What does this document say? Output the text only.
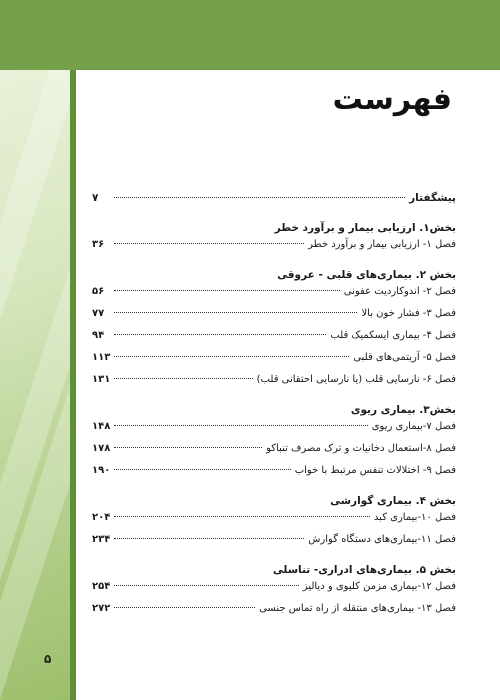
فهرست
پیشگفتار
۷
بخش۱. ارزیابی بیمار و برآورد خطر
فصل ۱- ارزیابی بیمار و برآورد خطر
۳۶
بخش ۲. بیماری‌های قلبی - عروقی
فصل ۲- اندوکاردیت عفونی
۵۶
فصل ۳- فشار خون بالا
۷۷
فصل ۴- بیماری ایسکمیک قلب
۹۴
فصل ۵- آریتمی‌های قلبی
۱۱۳
فصل ۶- نارسایی قلب (یا نارسایی احتقانی قلب)
۱۳۱
بخش۳. بیماری ریوی
فصل ۷-بیماری ریوی
۱۴۸
فصل ۸-استعمال دخانیات و ترک مصرف تنباکو
۱۷۸
فصل ۹- اختلالات تنفس مرتبط با خواب
۱۹۰
بخش ۴. بیماری گوارشی
فصل ۱۰-بیماری کبد
۲۰۴
فصل ۱۱-بیماری‌های دستگاه گوارش
۲۳۴
بخش ۵. بیماری‌های ادراری- تناسلی
فصل ۱۲-بیماری مزمن کلیوی و دیالیز
۲۵۴
فصل ۱۳- بیماری‌های منتقله از راه تماس جنسی
۲۷۲
۵
